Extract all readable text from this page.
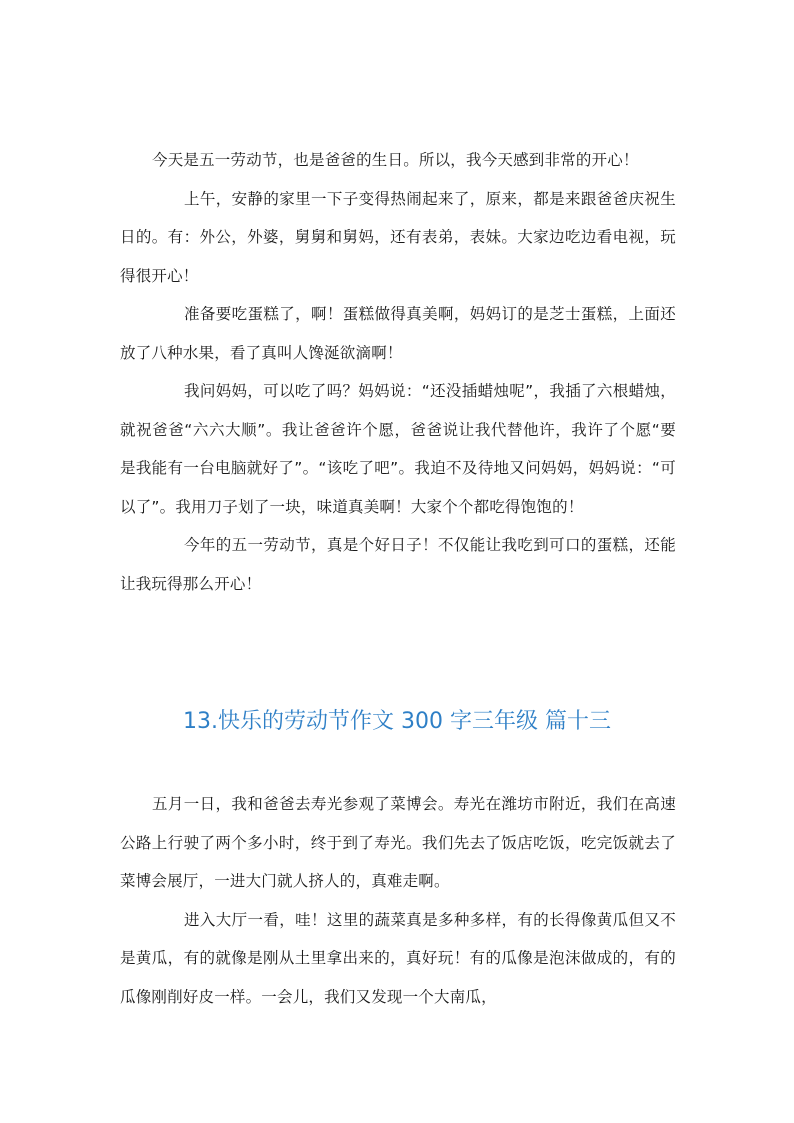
今天是五一劳动节，也是爸爸的生日。所以，我今天感到非常的开心！

上午，安静的家里一下子变得热闹起来了，原来，都是来跟爸爸庆祝生日的。有：外公，外婆，舅舅和舅妈，还有表弟，表妹。大家边吃边看电视，玩得很开心！

准备要吃蛋糕了，啊！蛋糕做得真美啊，妈妈订的是芝士蛋糕，上面还放了八种水果，看了真叫人馋涎欲滴啊！

我问妈妈，可以吃了吗？妈妈说：“还没插蜡烛呢”，我插了六根蜡烛，就祝爸爸“六六大顺”。我让爸爸许个愿，爸爸说让我代替他许，我许了个愿“要是我能有一台电脑就好了”。“该吃了吧”。我迫不及待地又问妈妈，妈妈说：“可以了”。我用刀子划了一块，味道真美啊！大家个个都吃得饱饱的！

今年的五一劳动节，真是个好日子！不仅能让我吃到可口的蛋糕，还能让我玩得那么开心！

13.快乐的劳动节作文 300 字三年级 篇十三

五月一日，我和爸爸去寿光参观了菜博会。寿光在潍坊市附近，我们在高速公路上行驶了两个多小时，终于到了寿光。我们先去了饭店吃饭，吃完饭就去了菜博会展厅，一进大门就人挤人的，真难走啊。

进入大厅一看，哇！这里的蔬菜真是多种多样，有的长得像黄瓜但又不是黄瓜，有的就像是刚从土里拿出来的，真好玩！有的瓜像是泡沫做成的，有的瓜像刚削好皮一样。一会儿，我们又发现一个大南瓜，
